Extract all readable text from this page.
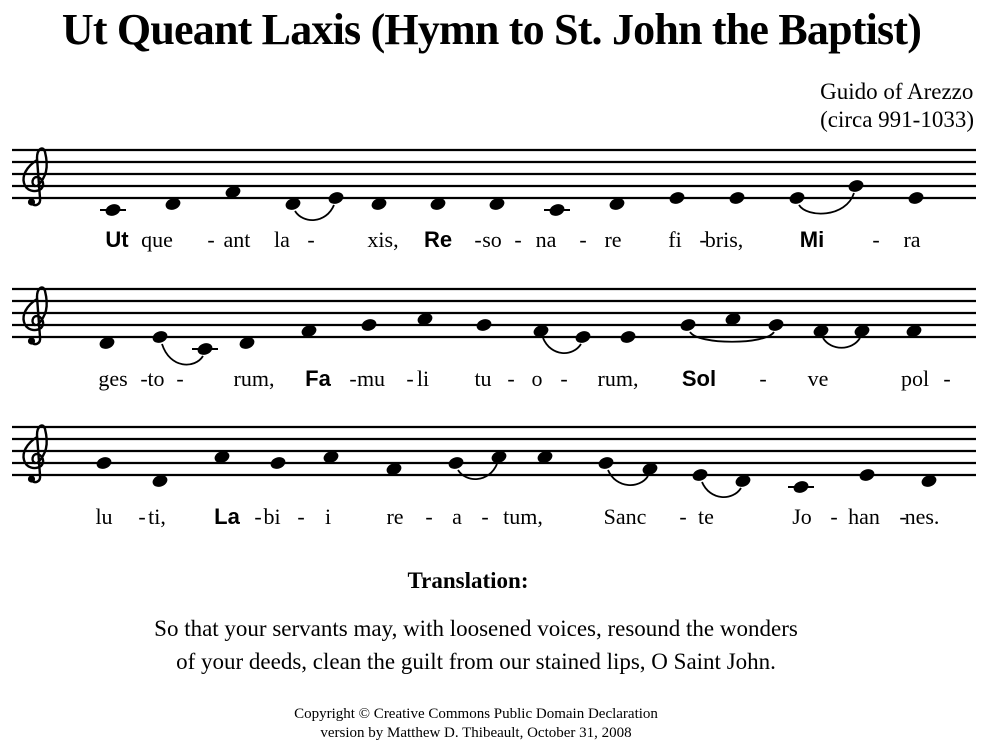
Ut Queant Laxis (Hymn to St. John the Baptist)
Guido of Arezzo
(circa 991-1033)
Ut que - ant la - xis, Re - so - na - re fi -
bris,	Mi - ra
ges - to - rum, Fa - mu - li tu - o - rum, Sol - ve	pol -
lu - ti, La - bi - i	re - a - tum,	Sanc - te	Jo - han -
nes.
Translation:
So that your servants may, with loosened voices, resound the wonders
of your deeds, clean the guilt from our stained lips, O Saint John.
Copyright © Creative Commons Public Domain Declaration
version by Matthew D. Thibeault, October 31, 2008
